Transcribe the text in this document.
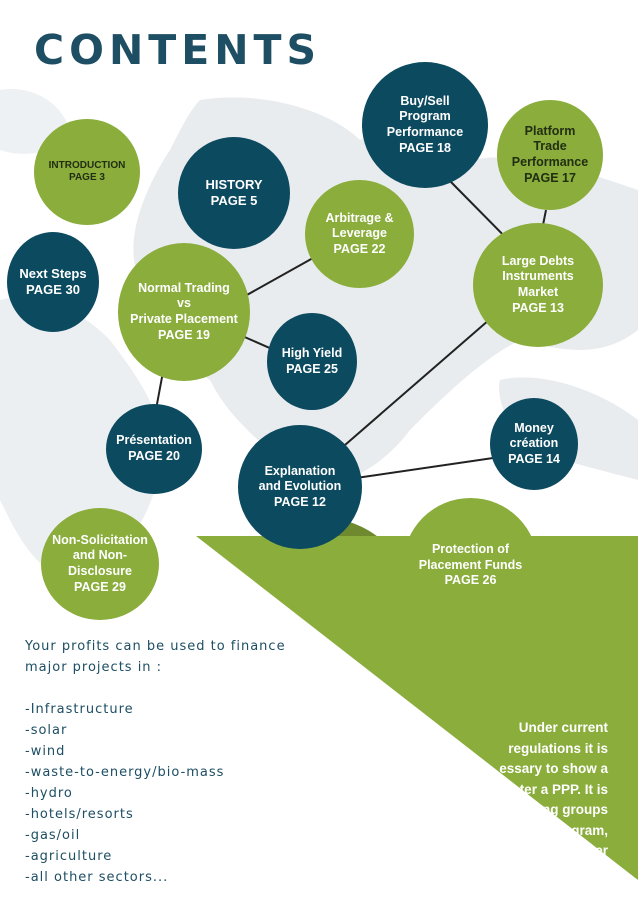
CONTENTS
INTRODUCTION
PAGE 3	HISTORY
PAGE 5
Next Steps
PAGE 30	Normal Trading
vs
Private Placement
PAGE 19
Arbitrage &
Leverage
PAGE 22
Buy/Sell
Program
Performance
PAGE 18
Platform
Trade
Performance
PAGE 17
Large Debts
Instruments
Market
PAGE 13
High Yield
PAGE 25
Présentation
PAGE 20
Explanation
and Evolution
PAGE 12
Money
création
PAGE 14
Non-Solicitation
and Non-
Disclosure
PAGE 29
Protection of
Placement Funds
PAGE 26
Your profits can be used to finance major projects in :
-Infrastructure
-solar
-wind
-waste-to-energy/bio-mass
-hydro
-hotels/resorts
-gas/oil
-agriculture
-all other sectors...
Under current
regulations it is
essary to show a
ter a PPP. It is
ng groups
gram,
her
